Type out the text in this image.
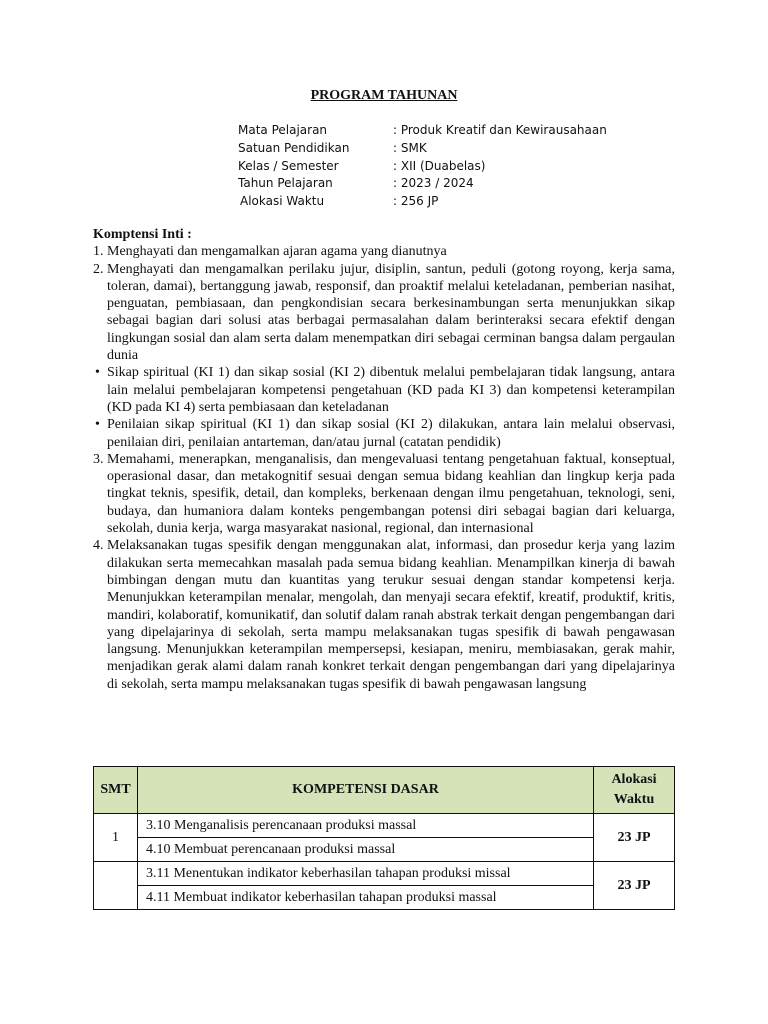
PROGRAM TAHUNAN
Mata Pelajaran	: Produk Kreatif dan Kewirausahaan
Satuan Pendidikan	: SMK
Kelas / Semester	: XII (Duabelas)
Tahun Pelajaran	: 2023 / 2024
Alokasi Waktu	: 256 JP
Komptensi Inti :
1. Menghayati dan mengamalkan ajaran agama yang dianutnya
2. Menghayati dan mengamalkan perilaku jujur, disiplin, santun, peduli (gotong royong, kerja sama, toleran, damai), bertanggung jawab, responsif, dan proaktif melalui keteladanan, pemberian nasihat, penguatan, pembiasaan, dan pengkondisian secara berkesinambungan serta menunjukkan sikap sebagai bagian dari solusi atas berbagai permasalahan dalam berinteraksi secara efektif dengan lingkungan sosial dan alam serta dalam menempatkan diri sebagai cerminan bangsa dalam pergaulan dunia
• Sikap spiritual (KI 1) dan sikap sosial (KI 2) dibentuk melalui pembelajaran tidak langsung, antara lain melalui pembelajaran kompetensi pengetahuan (KD pada KI 3) dan kompetensi keterampilan (KD pada KI 4) serta pembiasaan dan keteladanan
• Penilaian sikap spiritual (KI 1) dan sikap sosial (KI 2) dilakukan, antara lain melalui observasi, penilaian diri, penilaian antarteman, dan/atau jurnal (catatan pendidik)
3. Memahami, menerapkan, menganalisis, dan mengevaluasi tentang pengetahuan faktual, konseptual, operasional dasar, dan metakognitif sesuai dengan semua bidang keahlian dan lingkup kerja pada tingkat teknis, spesifik, detail, dan kompleks, berkenaan dengan ilmu pengetahuan, teknologi, seni, budaya, dan humaniora dalam konteks pengembangan potensi diri sebagai bagian dari keluarga, sekolah, dunia kerja, warga masyarakat nasional, regional, dan internasional
4. Melaksanakan tugas spesifik dengan menggunakan alat, informasi, dan prosedur kerja yang lazim dilakukan serta memecahkan masalah pada semua bidang keahlian. Menampilkan kinerja di bawah bimbingan dengan mutu dan kuantitas yang terukur sesuai dengan standar kompetensi kerja. Menunjukkan keterampilan menalar, mengolah, dan menyaji secara efektif, kreatif, produktif, kritis, mandiri, kolaboratif, komunikatif, dan solutif dalam ranah abstrak terkait dengan pengembangan dari yang dipelajarinya di sekolah, serta mampu melaksanakan tugas spesifik di bawah pengawasan langsung. Menunjukkan keterampilan mempersepsi, kesiapan, meniru, membiasakan, gerak mahir, menjadikan gerak alami dalam ranah konkret terkait dengan pengembangan dari yang dipelajarinya di sekolah, serta mampu melaksanakan tugas spesifik di bawah pengawasan langsung
SMT	KOMPETENSI DASAR	Alokasi Waktu

1	3.10 Menganalisis perencanaan produksi massal	23 JP
	4.10 Membuat perencanaan produksi massal	
	3.11 Menentukan indikator keberhasilan tahapan produksi missal	23 JP
	4.11 Membuat indikator keberhasilan tahapan produksi massal	
